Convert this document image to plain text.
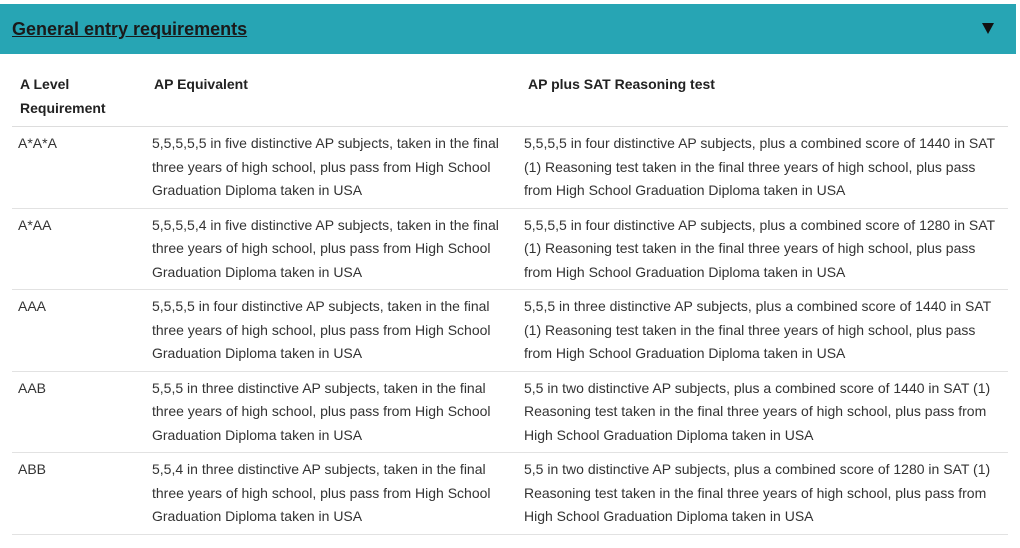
General entry requirements
A Level Requirement	AP Equivalent	AP plus SAT Reasoning test
A*A*A	5,5,5,5,5 in five distinctive AP subjects, taken in the final three years of high school, plus pass from High School Graduation Diploma taken in USA	5,5,5,5 in four distinctive AP subjects, plus a combined score of 1440 in SAT (1) Reasoning test taken in the final three years of high school, plus pass from High School Graduation Diploma taken in USA
A*AA	5,5,5,5,4 in five distinctive AP subjects, taken in the final three years of high school, plus pass from High School Graduation Diploma taken in USA	5,5,5,5 in four distinctive AP subjects, plus a combined score of 1280 in SAT (1) Reasoning test taken in the final three years of high school, plus pass from High School Graduation Diploma taken in USA
AAA	5,5,5,5 in four distinctive AP subjects, taken in the final three years of high school, plus pass from High School Graduation Diploma taken in USA	5,5,5 in three distinctive AP subjects, plus a combined score of 1440 in SAT (1) Reasoning test taken in the final three years of high school, plus pass from High School Graduation Diploma taken in USA
AAB	5,5,5 in three distinctive AP subjects, taken in the final three years of high school, plus pass from High School Graduation Diploma taken in USA	5,5 in two distinctive AP subjects, plus a combined score of 1440 in SAT (1) Reasoning test taken in the final three years of high school, plus pass from High School Graduation Diploma taken in USA
ABB	5,5,4 in three distinctive AP subjects, taken in the final three years of high school, plus pass from High School Graduation Diploma taken in USA	5,5 in two distinctive AP subjects, plus a combined score of 1280 in SAT (1) Reasoning test taken in the final three years of high school, plus pass from High School Graduation Diploma taken in USA
